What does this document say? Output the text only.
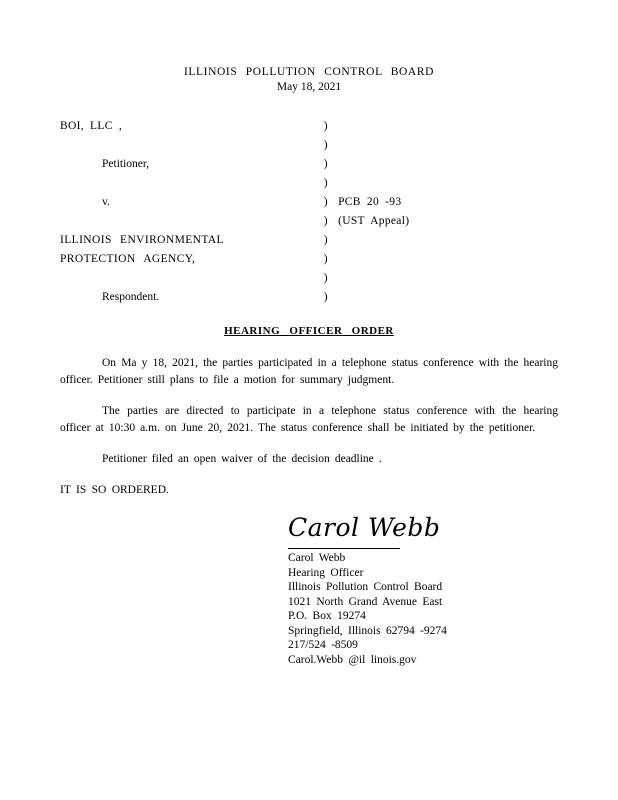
ILLINOIS POLLUTION CONTROL BOARD
May 18, 2021
BOI, LLC ,	)	
	)	
Petitioner,	)	
	)	
v.	)	PCB 20 -93
	)	(UST Appeal)
ILLINOIS ENVIRONMENTAL	)	
PROTECTION AGENCY,	)	
	)	
Respondent.	)	
HEARING OFFICER ORDER

On Ma y 18, 2021, the parties participated in a telephone status conference with the hearing officer. Petitioner still plans to file a motion for summary judgment.

The parties are directed to participate in a telephone status conference with the hearing officer at 10:30 a.m. on June 20, 2021. The status conference shall be initiated by the petitioner.

Petitioner filed an open waiver of the decision deadline .

IT IS SO ORDERED.

Carol Webb
Carol Webb
Hearing Officer
Illinois Pollution Control Board
1021 North Grand Avenue East
P.O. Box 19274
Springfield, Illinois 62794 -9274
217/524 -8509
Carol.Webb @il linois.gov
